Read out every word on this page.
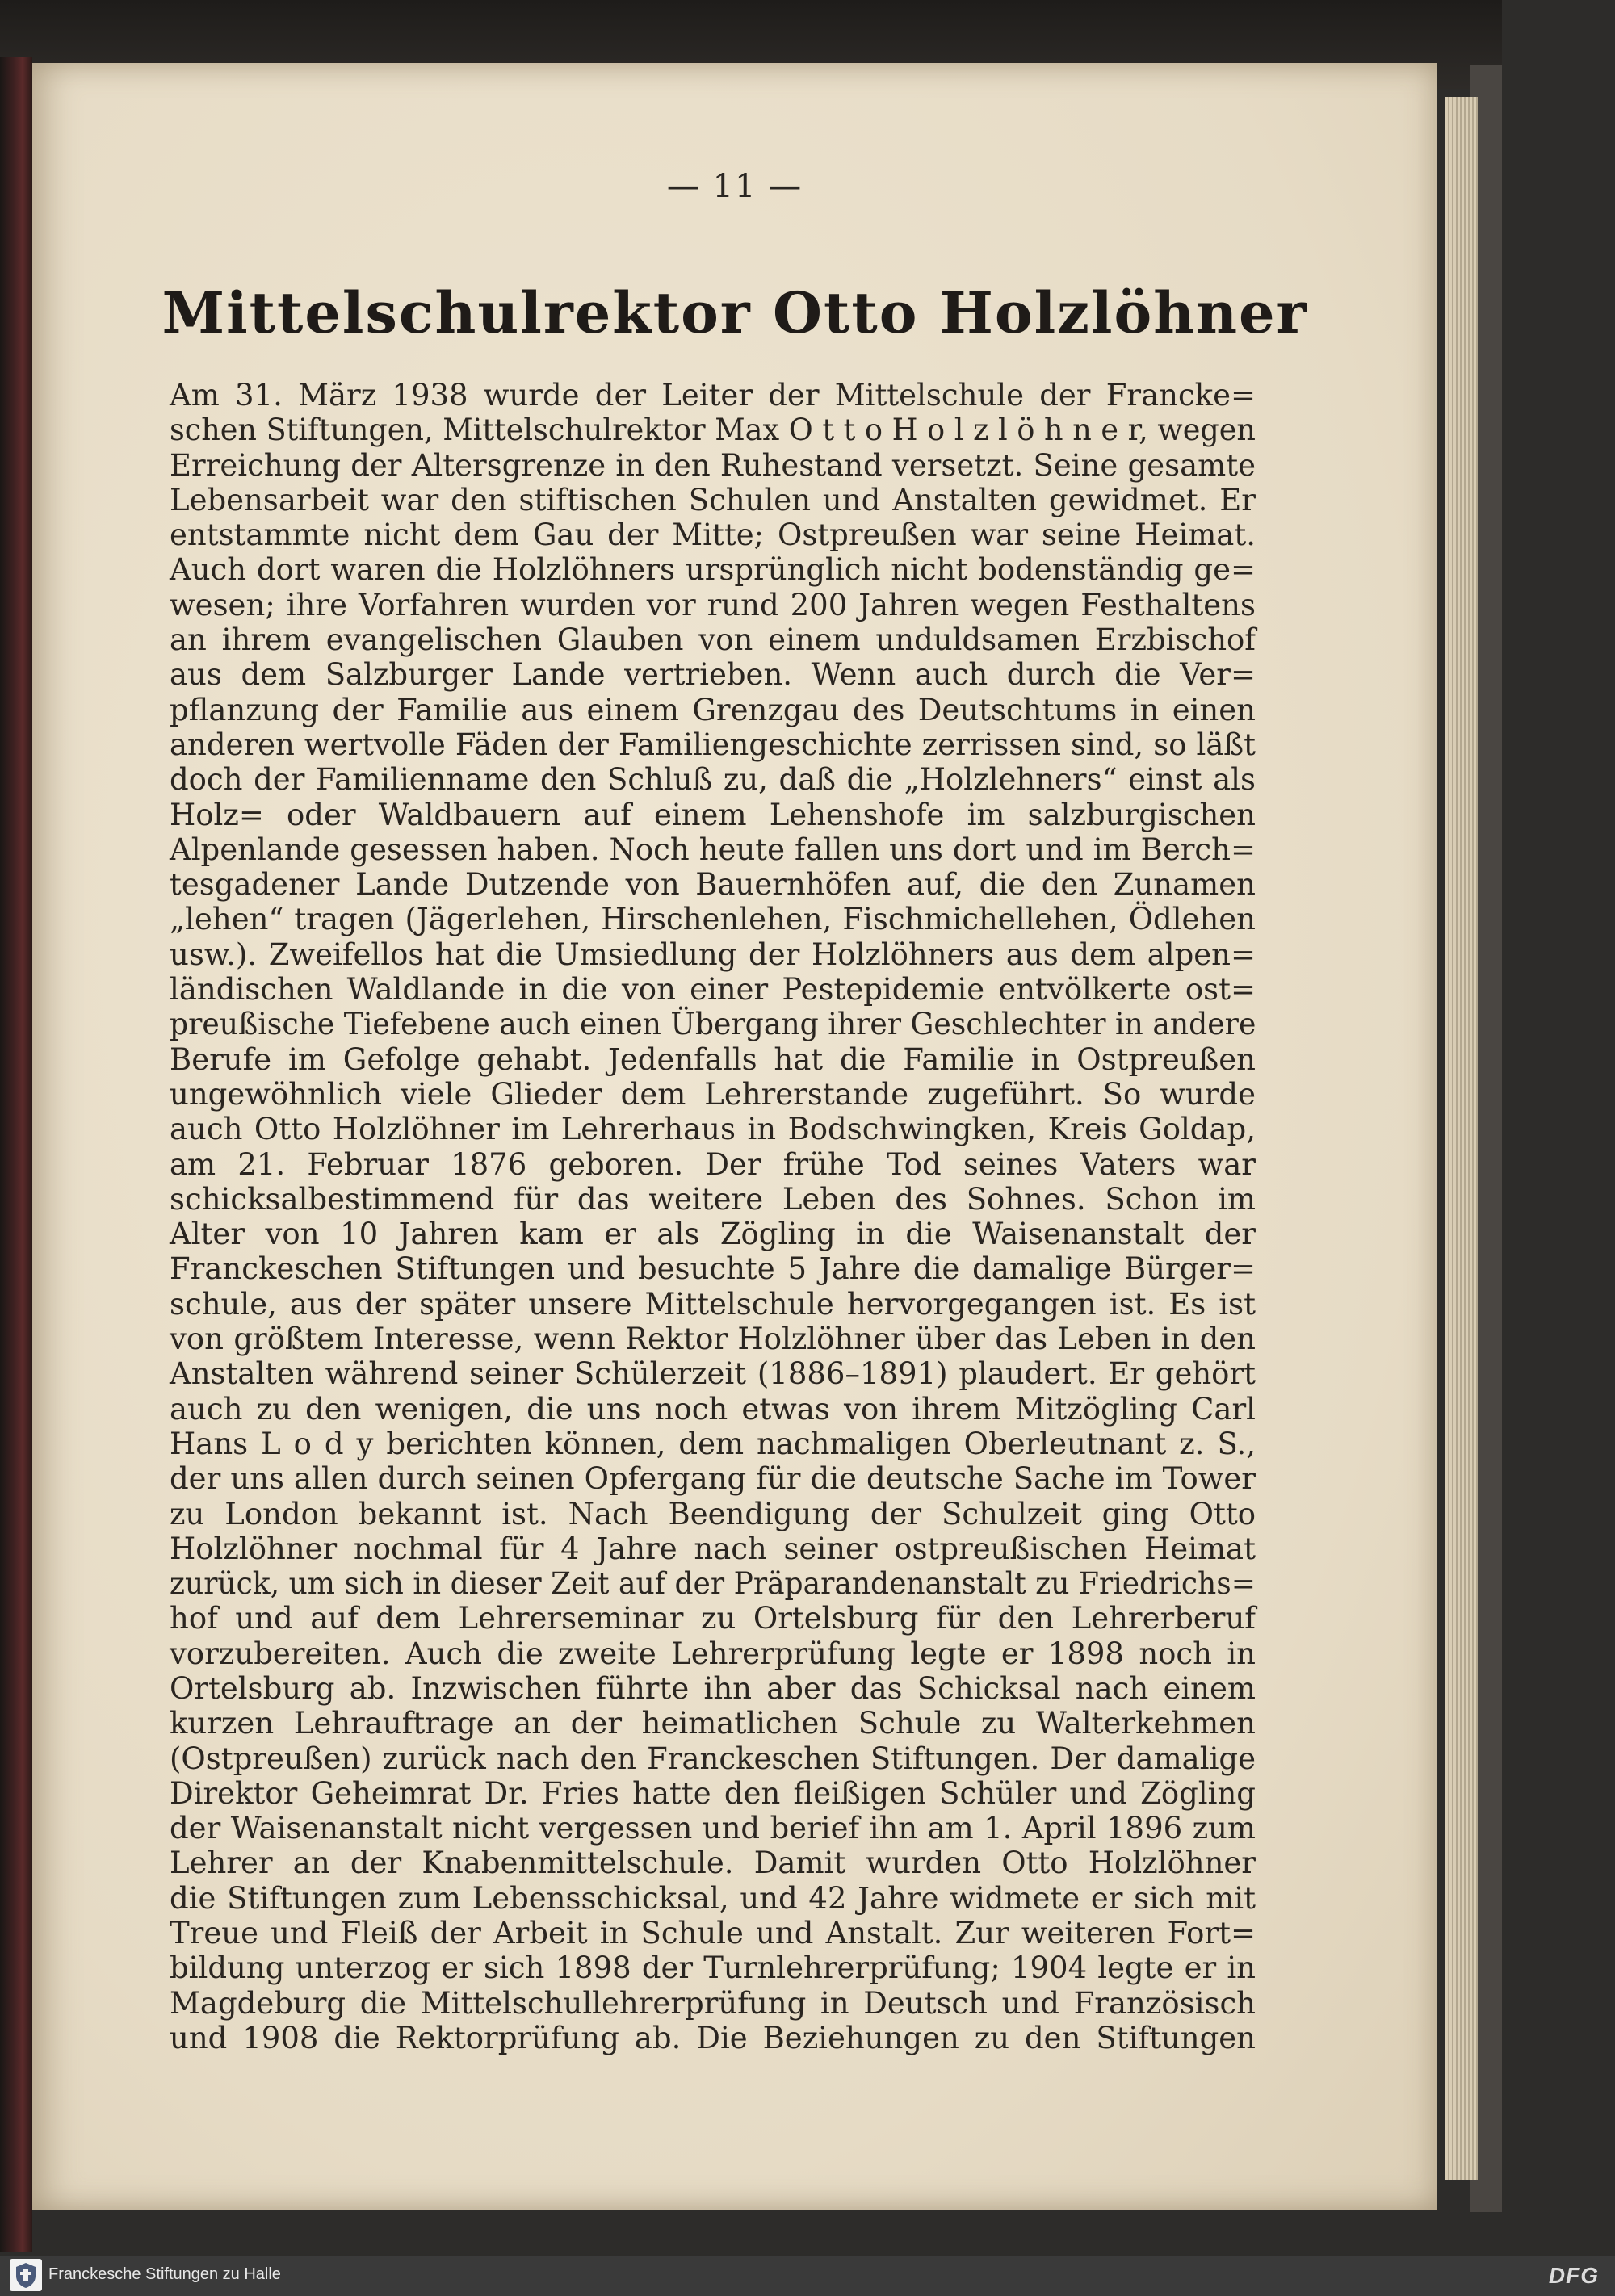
— 11 —
Mittelschulrektor Otto Holzlöhner
Am 31. März 1938 wurde der Leiter der Mittelschule der Francke=
schen Stiftungen, Mittelschulrektor Max O t t o H o l z l ö h n e r, wegen
Erreichung der Altersgrenze in den Ruhestand versetzt. Seine gesamte
Lebensarbeit war den stiftischen Schulen und Anstalten gewidmet. Er
entstammte nicht dem Gau der Mitte; Ostpreußen war seine Heimat.
Auch dort waren die Holzlöhners ursprünglich nicht bodenständig ge=
wesen; ihre Vorfahren wurden vor rund 200 Jahren wegen Festhaltens
an ihrem evangelischen Glauben von einem unduldsamen Erzbischof
aus dem Salzburger Lande vertrieben. Wenn auch durch die Ver=
pflanzung der Familie aus einem Grenzgau des Deutschtums in einen
anderen wertvolle Fäden der Familiengeschichte zerrissen sind, so läßt
doch der Familienname den Schluß zu, daß die „Holzlehners“ einst als
Holz= oder Waldbauern auf einem Lehenshofe im salzburgischen
Alpenlande gesessen haben. Noch heute fallen uns dort und im Berch=
tesgadener Lande Dutzende von Bauernhöfen auf, die den Zunamen
„lehen“ tragen (Jägerlehen, Hirschenlehen, Fischmichellehen, Ödlehen
usw.). Zweifellos hat die Umsiedlung der Holzlöhners aus dem alpen=
ländischen Waldlande in die von einer Pestepidemie entvölkerte ost=
preußische Tiefebene auch einen Übergang ihrer Geschlechter in andere
Berufe im Gefolge gehabt. Jedenfalls hat die Familie in Ostpreußen
ungewöhnlich viele Glieder dem Lehrerstande zugeführt. So wurde
auch Otto Holzlöhner im Lehrerhaus in Bodschwingken, Kreis Goldap,
am 21. Februar 1876 geboren. Der frühe Tod seines Vaters war
schicksalbestimmend für das weitere Leben des Sohnes. Schon im
Alter von 10 Jahren kam er als Zögling in die Waisenanstalt der
Franckeschen Stiftungen und besuchte 5 Jahre die damalige Bürger=
schule, aus der später unsere Mittelschule hervorgegangen ist. Es ist
von größtem Interesse, wenn Rektor Holzlöhner über das Leben in den
Anstalten während seiner Schülerzeit (1886–1891) plaudert. Er gehört
auch zu den wenigen, die uns noch etwas von ihrem Mitzögling Carl
Hans L o d y berichten können, dem nachmaligen Oberleutnant z. S.,
der uns allen durch seinen Opfergang für die deutsche Sache im Tower
zu London bekannt ist. Nach Beendigung der Schulzeit ging Otto
Holzlöhner nochmal für 4 Jahre nach seiner ostpreußischen Heimat
zurück, um sich in dieser Zeit auf der Präparandenanstalt zu Friedrichs=
hof und auf dem Lehrerseminar zu Ortelsburg für den Lehrerberuf
vorzubereiten. Auch die zweite Lehrerprüfung legte er 1898 noch in
Ortelsburg ab. Inzwischen führte ihn aber das Schicksal nach einem
kurzen Lehrauftrage an der heimatlichen Schule zu Walterkehmen
(Ostpreußen) zurück nach den Franckeschen Stiftungen. Der damalige
Direktor Geheimrat Dr. Fries hatte den fleißigen Schüler und Zögling
der Waisenanstalt nicht vergessen und berief ihn am 1. April 1896 zum
Lehrer an der Knabenmittelschule. Damit wurden Otto Holzlöhner
die Stiftungen zum Lebensschicksal, und 42 Jahre widmete er sich mit
Treue und Fleiß der Arbeit in Schule und Anstalt. Zur weiteren Fort=
bildung unterzog er sich 1898 der Turnlehrerprüfung; 1904 legte er in
Magdeburg die Mittelschullehrerprüfung in Deutsch und Französisch
und 1908 die Rektorprüfung ab. Die Beziehungen zu den Stiftungen
Franckesche Stiftungen zu Halle	DFG
